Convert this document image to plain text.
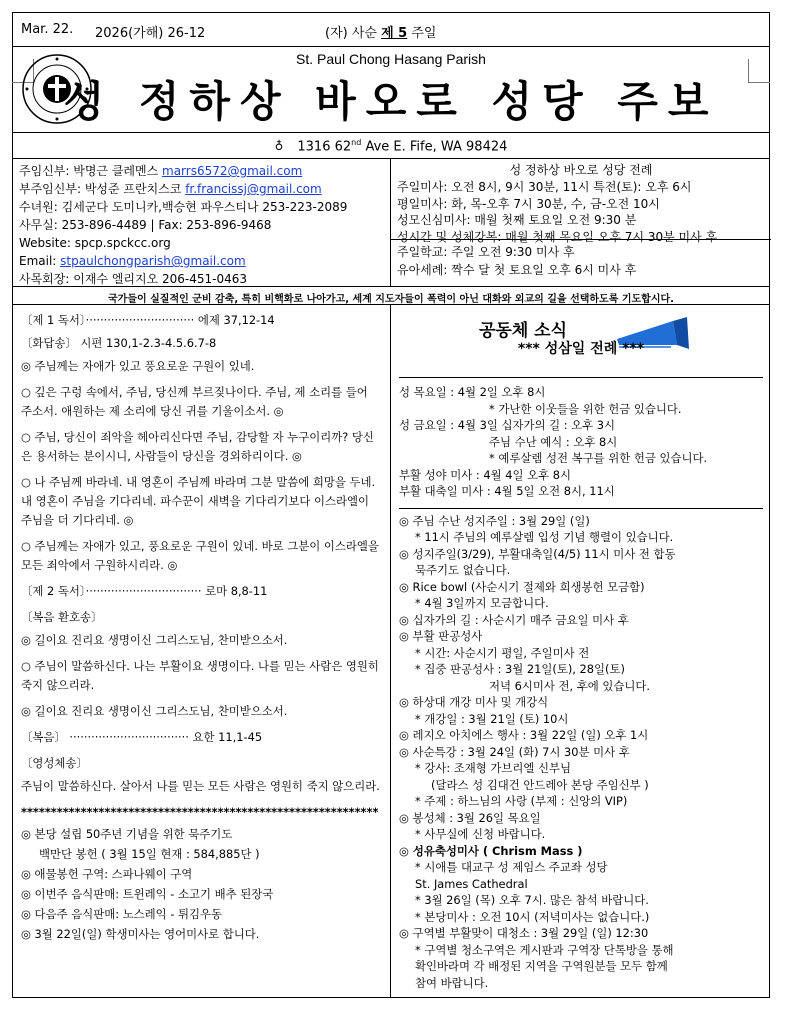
Mar. 22. 2026(가해) 26-12	(자) 사순 제 5 주일
St. Paul Chong Hasang Parish
성 정하상 바오로 성당 주보
♁ 1316 62nd Ave E. Fife, WA 98424
주임신부: 박명근 클레멘스 marrs6572@gmail.com
부주임신부: 박성준 프란치스코 fr.francissj@gmail.com
수녀원: 김세군다 도미니카,백승현 파우스티나 253-223-2089
사무실: 253-896-4489 | Fax: 253-896-9468
Website: spcp.spckcc.org
Email: stpaulchongparish@gmail.com
사목회장: 이재수 엘리지오 206-451-0463
성 정하상 바오로 성당 전례
주일미사: 오전 8시, 9시 30분, 11시 특전(토): 오후 6시
평일미사: 화, 목-오후 7시 30분, 수, 금-오전 10시
성모신심미사: 매월 첫째 토요일 오전 9:30 분
성시간 및 성체강복: 매월 첫째 목요일 오후 7시 30분 미사 후
주일학교: 주일 오전 9:30 미사 후
유아세례: 짝수 달 첫 토요일 오후 6시 미사 후
국가들이 실질적인 군비 감축, 특히 비핵화로 나아가고, 세계 지도자들이 폭력이 아닌 대화와 외교의 길을 선택하도록 기도합시다.

〔제 1 독서〕······························ 에제 37,12-14

〔화답송〕 시편 130,1-2.3-4.5.6.7-8

◎ 주님께는 자애가 있고 풍요로운 구원이 있네.

○ 깊은 구렁 속에서, 주님, 당신께 부르짖나이다. 주님, 제 소리를 들어 주소서. 애원하는 제 소리에 당신 귀를 기울이소서. ◎

○ 주님, 당신이 죄악을 헤아리신다면 주님, 감당할 자 누구이리까? 당신은 용서하는 분이시니, 사람들이 당신을 경외하리이다. ◎

○ 나 주님께 바라네. 내 영혼이 주님께 바라며 그분 말씀에 희망을 두네. 내 영혼이 주님을 기다리네. 파수꾼이 새벽을 기다리기보다 이스라엘이 주님을 더 기다리네. ◎

○ 주님께는 자애가 있고, 풍요로운 구원이 있네. 바로 그분이 이스라엘을 모든 죄악에서 구원하시리라. ◎

〔제 2 독서〕································ 로마 8,8-11

〔복음 환호송〕

◎ 길이요 진리요 생명이신 그리스도님, 찬미받으소서.

○ 주님이 말씀하신다. 나는 부활이요 생명이다. 나를 믿는 사람은 영원히 죽지 않으리라.

◎ 길이요 진리요 생명이신 그리스도님, 찬미받으소서.

〔복음〕 ································· 요한 11,1-45

〔영성체송〕

주님이 말씀하신다. 살아서 나를 믿는 모든 사람은 영원히 죽지 않으리라.

************************************************************
◎ 본당 설립 50주년 기념을 위한 묵주기도
백만단 봉헌 ( 3월 15일 현재 : 584,885단 )
◎ 애물봉헌 구역: 스파나웨이 구역
◎ 이번주 음식판매: 트윈레익 - 소고기 배추 된장국
◎ 다음주 음식판매: 노스레익 - 튀김우동
◎ 3월 22일(일) 학생미사는 영어미사로 합니다.
공동체 소식
*** 성삼일 전례 ***
성 목요일 : 4월 2일 오후 8시
* 가난한 이웃들을 위한 헌금 있습니다.
성 금요일 : 4월 3일 십자가의 길 : 오후 3시
주님 수난 예식 : 오후 8시
* 예루살렘 성전 복구를 위한 헌금 있습니다.
부활 성야 미사 : 4월 4일 오후 8시
부활 대축일 미사 : 4월 5일 오전 8시, 11시
◎ 주님 수난 성지주일 : 3월 29일 (일)
* 11시 주님의 예루살렘 입성 기념 행렬이 있습니다.
◎ 성지주일(3/29), 부활대축일(4/5) 11시 미사 전 합동
묵주기도 없습니다.
◎ Rice bowl (사순시기 절제와 희생봉헌 모금함)
* 4월 3일까지 모금합니다.
◎ 십자가의 길 : 사순시기 매주 금요일 미사 후
◎ 부활 판공성사
* 시간: 사순시기 평일, 주일미사 전
* 집중 판공성사 : 3월 21일(토), 28일(토)
저녁 6시미사 전, 후에 있습니다.
◎ 하상대 개강 미사 및 개강식
* 개강일 : 3월 21일 (토) 10시
◎ 레지오 아치에스 행사 : 3월 22일 (일) 오후 1시
◎ 사순특강 : 3월 24일 (화) 7시 30분 미사 후
* 강사: 조재형 가브리엘 신부님
(달라스 성 김대건 안드레아 본당 주임신부 )
* 주제 : 하느님의 사랑 (부제 : 신앙의 VIP)
◎ 봉성체 : 3월 26일 목요일
* 사무실에 신청 바랍니다.
◎ 성유축성미사 ( Chrism Mass )
* 시애틀 대교구 성 제임스 주교좌 성당
St. James Cathedral
* 3월 26일 (목) 오후 7시. 많은 참석 바랍니다.
* 본당미사 : 오전 10시 (저녁미사는 없습니다.)
◎ 구역별 부활맞이 대청소 : 3월 29일 (일) 12:30
* 구역별 청소구역은 게시판과 구역장 단톡방을 통해
확인바라며 각 배정된 지역을 구역원분들 모두 함께
참여 바랍니다.
